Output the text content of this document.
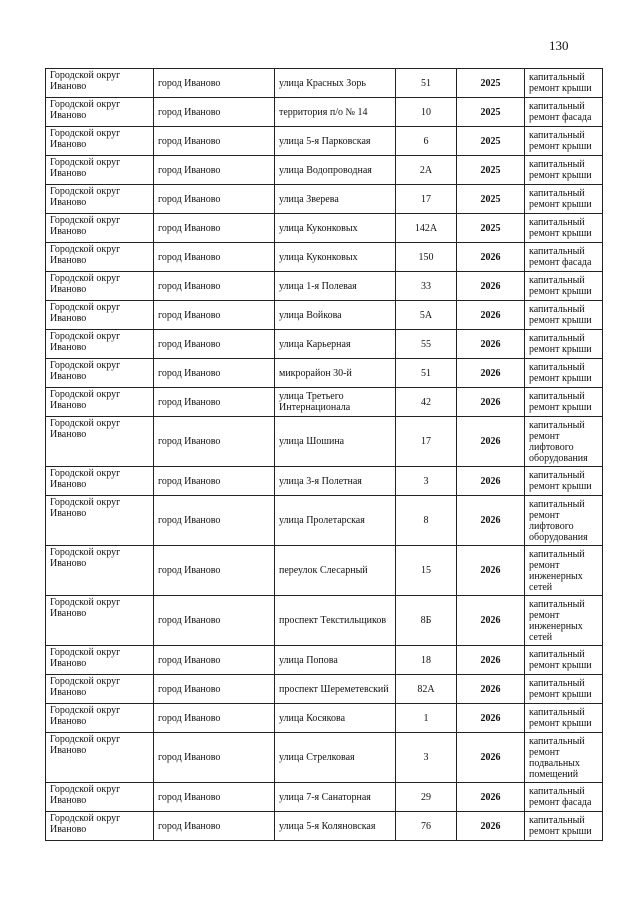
130
Городской округ Иваново	город Иваново	улица Красных Зорь	51	2025	капитальный ремонт крыши
Городской округ Иваново	город Иваново	территория п/о № 14	10	2025	капитальный ремонт фасада
Городской округ Иваново	город Иваново	улица 5-я Парковская	6	2025	капитальный ремонт крыши
Городской округ Иваново	город Иваново	улица Водопроводная	2А	2025	капитальный ремонт крыши
Городской округ Иваново	город Иваново	улица Зверева	17	2025	капитальный ремонт крыши
Городской округ Иваново	город Иваново	улица Куконковых	142А	2025	капитальный ремонт крыши
Городской округ Иваново	город Иваново	улица Куконковых	150	2026	капитальный ремонт фасада
Городской округ Иваново	город Иваново	улица 1-я Полевая	33	2026	капитальный ремонт крыши
Городской округ Иваново	город Иваново	улица Войкова	5А	2026	капитальный ремонт крыши
Городской округ Иваново	город Иваново	улица Карьерная	55	2026	капитальный ремонт крыши
Городской округ Иваново	город Иваново	микрорайон 30-й	51	2026	капитальный ремонт крыши
Городской округ Иваново	город Иваново	улица Третьего Интернационала	42	2026	капитальный ремонт крыши
Городской округ Иваново	город Иваново	улица Шошина	17	2026	капитальный ремонт лифтового оборудования
Городской округ Иваново	город Иваново	улица 3-я Полетная	3	2026	капитальный ремонт крыши
Городской округ Иваново	город Иваново	улица Пролетарская	8	2026	капитальный ремонт лифтового оборудования
Городской округ Иваново	город Иваново	переулок Слесарный	15	2026	капитальный ремонт инженерных сетей
Городской округ Иваново	город Иваново	проспект Текстильщиков	8Б	2026	капитальный ремонт инженерных сетей
Городской округ Иваново	город Иваново	улица Попова	18	2026	капитальный ремонт крыши
Городской округ Иваново	город Иваново	проспект Шереметевский	82А	2026	капитальный ремонт крыши
Городской округ Иваново	город Иваново	улица Косякова	1	2026	капитальный ремонт крыши
Городской округ Иваново	город Иваново	улица Стрелковая	3	2026	капитальный ремонт подвальных помещений
Городской округ Иваново	город Иваново	улица 7-я Санаторная	29	2026	капитальный ремонт фасада
Городской округ Иваново	город Иваново	улица 5-я Коляновская	76	2026	капитальный ремонт крыши
